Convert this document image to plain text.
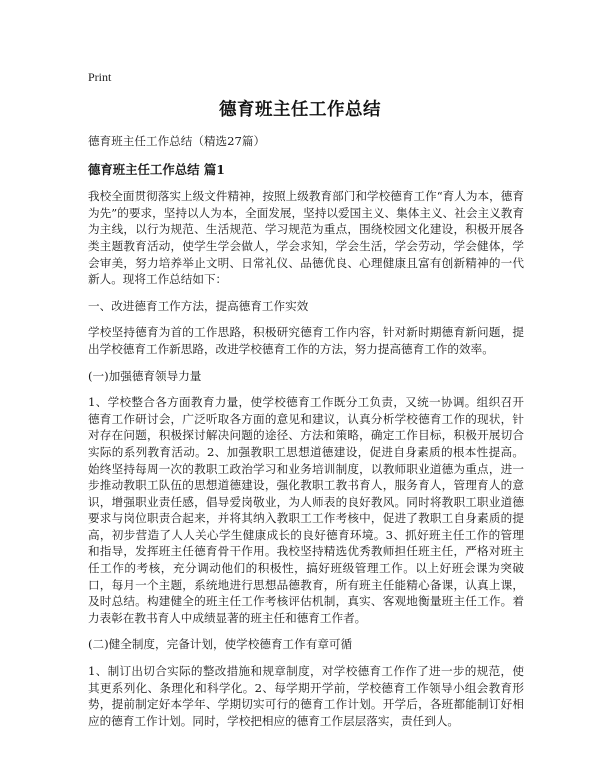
Print
德育班主任工作总结

德育班主任工作总结（精选27篇）

德育班主任工作总结 篇1

我校全面贯彻落实上级文件精神，按照上级教育部门和学校德育工作“育人为本，德育为先”的要求，坚持以人为本，全面发展，坚持以爱国主义、集体主义、社会主义教育为主线，以行为规范、生活规范、学习规范为重点，围绕校园文化建设，积极开展各类主题教育活动，使学生学会做人，学会求知，学会生活，学会劳动，学会健体，学会审美，努力培养举止文明、日常礼仪、品德优良、心理健康且富有创新精神的一代新人。现将工作总结如下：

一、改进德育工作方法，提高德育工作实效

学校坚持德育为首的工作思路，积极研究德育工作内容，针对新时期德育新问题，提出学校德育工作新思路，改进学校德育工作的方法，努力提高德育工作的效率。

(一)加强德育领导力量

1、学校整合各方面教育力量，使学校德育工作既分工负责，又统一协调。组织召开德育工作研讨会，广泛听取各方面的意见和建议，认真分析学校德育工作的现状，针对存在问题，积极探讨解决问题的途径、方法和策略，确定工作目标，积极开展切合实际的系列教育活动。2、加强教职工思想道德建设，促进自身素质的根本性提高。始终坚持每周一次的教职工政治学习和业务培训制度，以教师职业道德为重点，进一步推动教职工队伍的思想道德建设，强化教职工教书育人，服务育人，管理育人的意识，增强职业责任感，倡导爱岗敬业，为人师表的良好教风。同时将教职工职业道德要求与岗位职责合起来，并将其纳入教职工工作考核中，促进了教职工自身素质的提高，初步营造了人人关心学生健康成长的良好德育环境。3、抓好班主任工作的管理和指导，发挥班主任德育骨干作用。我校坚持精选优秀教师担任班主任，严格对班主任工作的考核，充分调动他们的积极性，搞好班级管理工作。以上好班会课为突破口，每月一个主题，系统地进行思想品德教育，所有班主任能精心备课，认真上课，及时总结。构建健全的班主任工作考核评估机制，真实、客观地衡量班主任工作。着力表彰在教书育人中成绩显著的班主任和德育工作者。

(二)健全制度，完备计划，使学校德育工作有章可循

1、制订出切合实际的整改措施和规章制度，对学校德育工作作了进一步的规范，使其更系列化、条理化和科学化。2、每学期开学前，学校德育工作领导小组会教育形势，提前制定好本学年、学期切实可行的德育工作计划。开学后，各班都能制订好相应的德育工作计划。同时，学校把相应的德育工作层层落实，责任到人。
